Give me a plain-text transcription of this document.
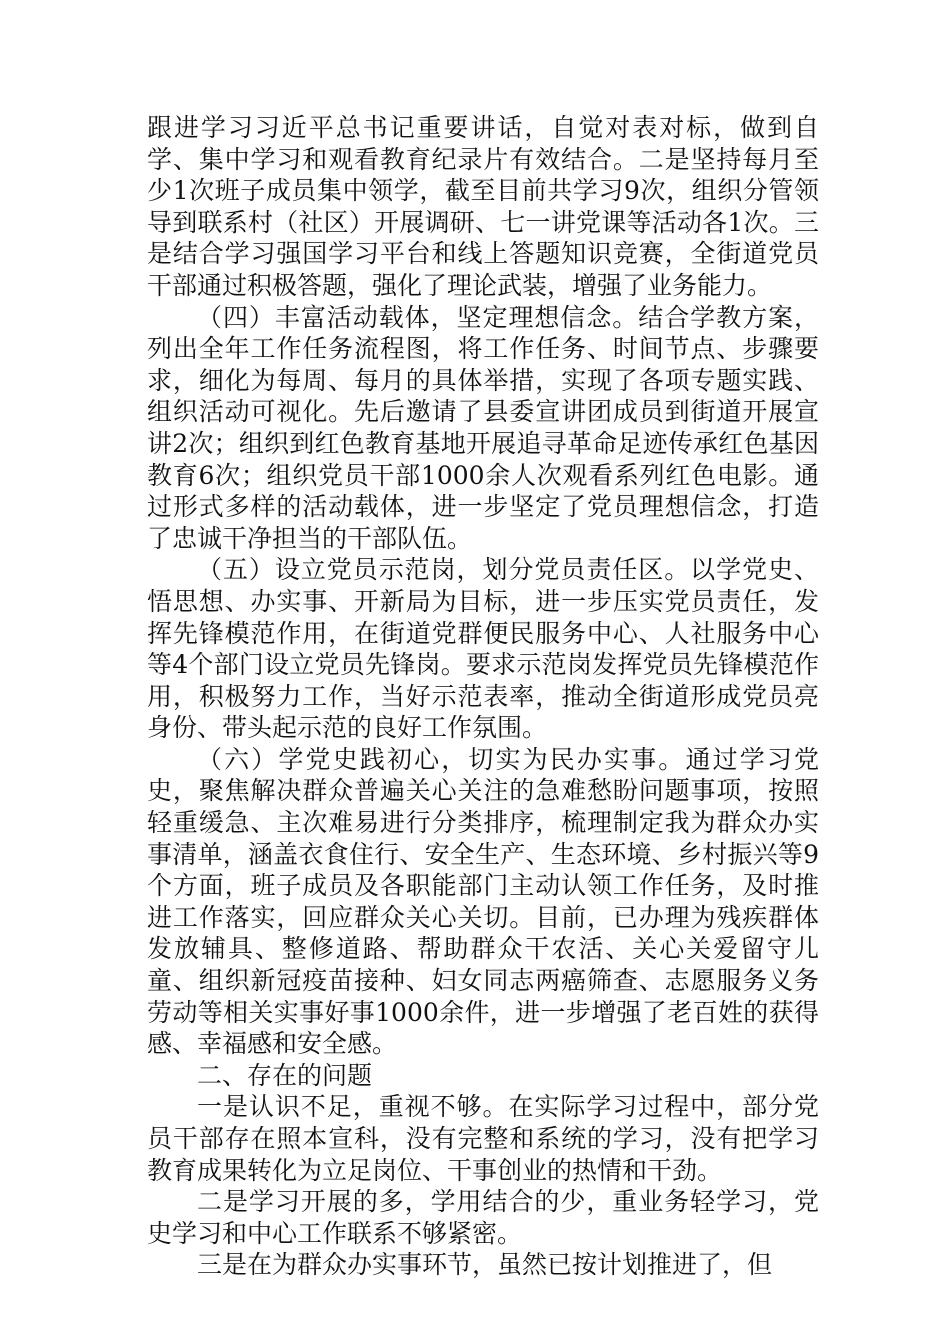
跟进学习习近平总书记重要讲话，自觉对表对标，做到自学、集中学习和观看教育纪录片有效结合。二是坚持每月至少1次班子成员集中领学，截至目前共学习9次，组织分管领导到联系村（社区）开展调研、七一讲党课等活动各1次。三是结合学习强国学习平台和线上答题知识竞赛，全街道党员干部通过积极答题，强化了理论武装，增强了业务能力。

（四）丰富活动载体，坚定理想信念。结合学教方案，列出全年工作任务流程图，将工作任务、时间节点、步骤要求，细化为每周、每月的具体举措，实现了各项专题实践、组织活动可视化。先后邀请了县委宣讲团成员到街道开展宣讲2次；组织到红色教育基地开展追寻革命足迹传承红色基因教育6次；组织党员干部1000余人次观看系列红色电影。通过形式多样的活动载体，进一步坚定了党员理想信念，打造了忠诚干净担当的干部队伍。

（五）设立党员示范岗，划分党员责任区。以学党史、悟思想、办实事、开新局为目标，进一步压实党员责任，发挥先锋模范作用，在街道党群便民服务中心、人社服务中心等4个部门设立党员先锋岗。要求示范岗发挥党员先锋模范作用，积极努力工作，当好示范表率，推动全街道形成党员亮身份、带头起示范的良好工作氛围。

（六）学党史践初心，切实为民办实事。通过学习党史，聚焦解决群众普遍关心关注的急难愁盼问题事项，按照轻重缓急、主次难易进行分类排序，梳理制定我为群众办实事清单，涵盖衣食住行、安全生产、生态环境、乡村振兴等9个方面，班子成员及各职能部门主动认领工作任务，及时推进工作落实，回应群众关心关切。目前，已办理为残疾群体发放辅具、整修道路、帮助群众干农活、关心关爱留守儿童、组织新冠疫苗接种、妇女同志两癌筛查、志愿服务义务劳动等相关实事好事1000余件，进一步增强了老百姓的获得感、幸福感和安全感。

二、存在的问题

一是认识不足，重视不够。在实际学习过程中，部分党员干部存在照本宣科，没有完整和系统的学习，没有把学习教育成果转化为立足岗位、干事创业的热情和干劲。

二是学习开展的多，学用结合的少，重业务轻学习，党史学习和中心工作联系不够紧密。

三是在为群众办实事环节，虽然已按计划推进了，但
